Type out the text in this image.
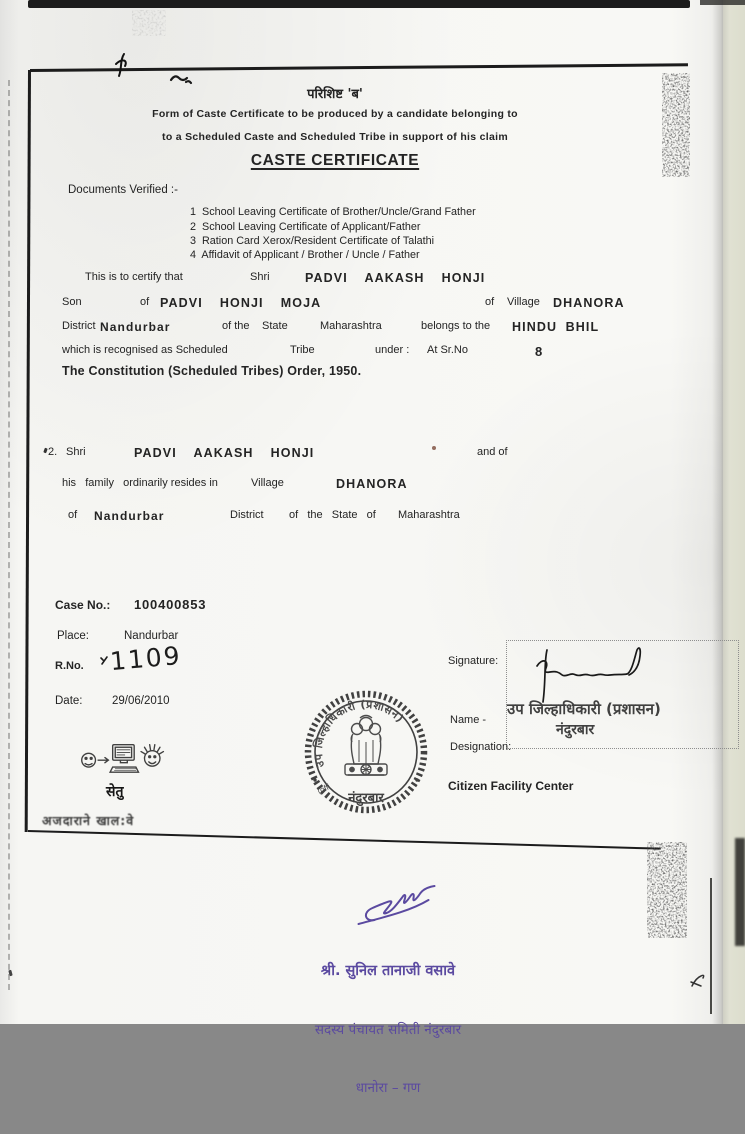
परिशिष्ट 'ब'
Form of Caste Certificate to be produced by a candidate belonging to
to a Scheduled Caste and Scheduled Tribe in support of his claim
CASTE CERTIFICATE
Documents Verified :-
1  School Leaving Certificate of Brother/Uncle/Grand Father
2  School Leaving Certificate of Applicant/Father
3  Ration Card Xerox/Resident Certificate of Talathi
4  Affidavit of Applicant / Brother / Uncle / Father
This is to certify that	Shri	PADVI  AAKASH  HONJI
Son	of PADVI  HONJI  MOJA	of Village DHANORA
District Nandurbar	of the State	Maharashtra	belongs to the HINDU BHIL
which is recognised as Scheduled	Tribe	under : At Sr.No	8
The Constitution (Scheduled Tribes) Order, 1950.
2. Shri	PADVI  AAKASH  HONJI	and of
his   family   ordinarily resides in	Village	DHANORA
of Nandurbar	District of   the   State   of Maharashtra
Case No.: 100400853
Place:	Nandurbar
R.No. 1109
Date:	29/06/2010
Signature:
उप जिल्हाधिकारी (प्रशासन)
नंदुरबार
Name -
Designation:
Citizen Facility Center
उप जिल्हाधिकारी (प्रशासन)
नंदुरबार
(offi
सेतु
अजदाराने खाल:वे

श्री. सुनिल तानाजी वसावे

सदस्य पंचायत समिती नंदुरबार

धानोरा – गण
